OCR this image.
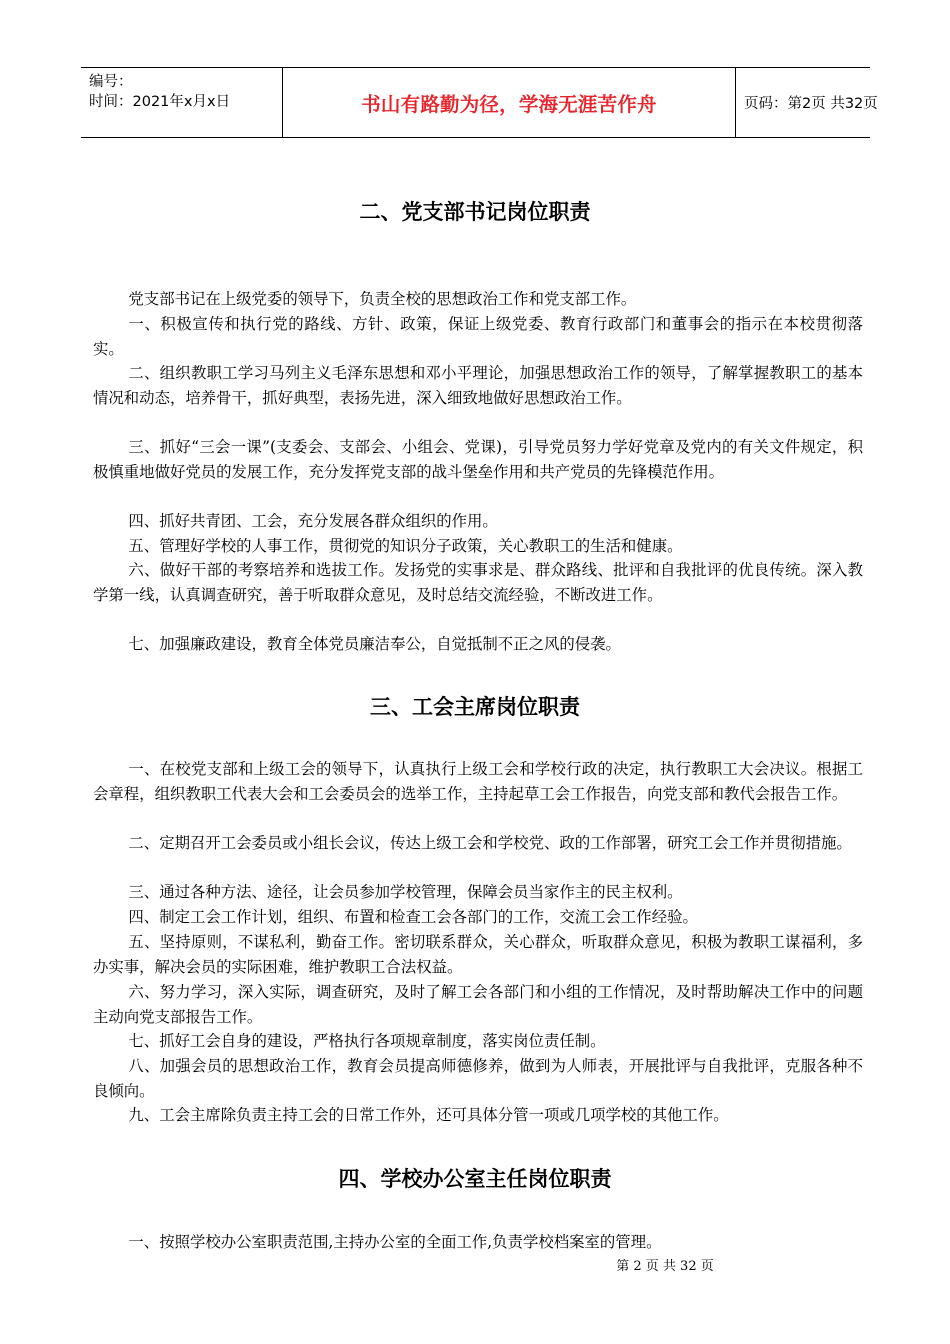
编号：
时间：2021年x月x日	书山有路勤为径，学海无涯苦作舟	页码：第2页 共32页
二、党支部书记岗位职责
党支部书记在上级党委的领导下，负责全校的思想政治工作和党支部工作。
一、积极宣传和执行党的路线、方针、政策，保证上级党委、教育行政部门和董事会的指示在本校贯彻落实。
二、组织教职工学习马列主义毛泽东思想和邓小平理论，加强思想政治工作的领导，了解掌握教职工的基本情况和动态，培养骨干，抓好典型，表扬先进，深入细致地做好思想政治工作。
三、抓好“三会一课”(支委会、支部会、小组会、党课)，引导党员努力学好党章及党内的有关文件规定，积极慎重地做好党员的发展工作，充分发挥党支部的战斗堡垒作用和共产党员的先锋模范作用。
四、抓好共青团、工会，充分发展各群众组织的作用。
五、管理好学校的人事工作，贯彻党的知识分子政策，关心教职工的生活和健康。
六、做好干部的考察培养和选拔工作。发扬党的实事求是、群众路线、批评和自我批评的优良传统。深入教学第一线，认真调查研究，善于听取群众意见，及时总结交流经验，不断改进工作。
七、加强廉政建设，教育全体党员廉洁奉公，自觉抵制不正之风的侵袭。
三、工会主席岗位职责
一、在校党支部和上级工会的领导下，认真执行上级工会和学校行政的决定，执行教职工大会决议。根据工会章程，组织教职工代表大会和工会委员会的选举工作，主持起草工会工作报告，向党支部和教代会报告工作。
二、定期召开工会委员或小组长会议，传达上级工会和学校党、政的工作部署，研究工会工作并贯彻措施。
三、通过各种方法、途径，让会员参加学校管理，保障会员当家作主的民主权利。
四、制定工会工作计划，组织、布置和检查工会各部门的工作，交流工会工作经验。
五、坚持原则，不谋私利，勤奋工作。密切联系群众，关心群众，听取群众意见，积极为教职工谋福利，多办实事，解决会员的实际困难，维护教职工合法权益。
六、努力学习，深入实际，调查研究，及时了解工会各部门和小组的工作情况，及时帮助解决工作中的问题主动向党支部报告工作。
七、抓好工会自身的建设，严格执行各项规章制度，落实岗位责任制。
八、加强会员的思想政治工作，教育会员提高师德修养，做到为人师表，开展批评与自我批评，克服各种不良倾向。
九、工会主席除负责主持工会的日常工作外，还可具体分管一项或几项学校的其他工作。
四、学校办公室主任岗位职责
一、按照学校办公室职责范围,主持办公室的全面工作,负责学校档案室的管理。
第 2 页 共 32 页
